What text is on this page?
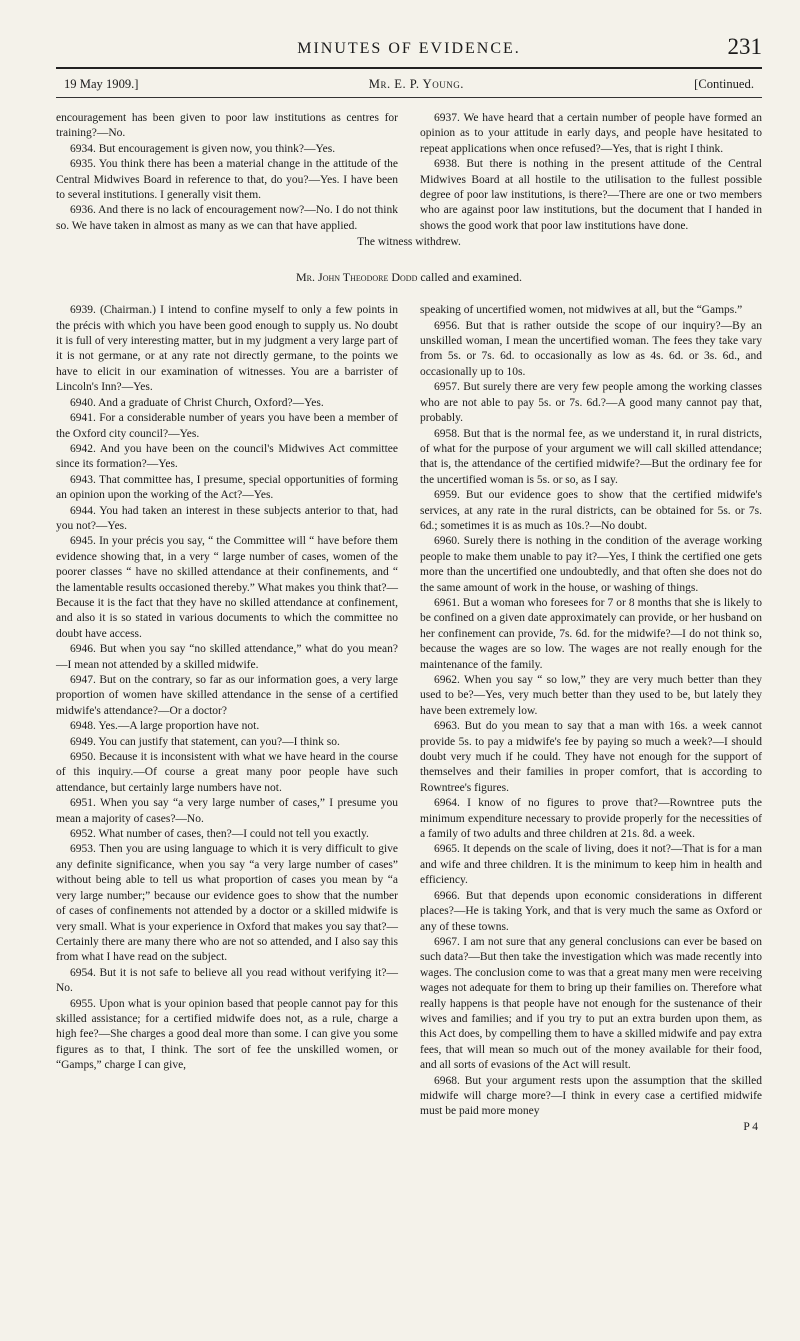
MINUTES OF EVIDENCE.	231
19 May 1909.]	Mr. E. P. Young.	[Continued.

encouragement has been given to poor law institutions as centres for training?—No.

6934. But encouragement is given now, you think?—Yes.

6935. You think there has been a material change in the attitude of the Central Midwives Board in reference to that, do you?—Yes. I have been to several institutions. I generally visit them.

6936. And there is no lack of encouragement now?—No. I do not think so. We have taken in almost as many as we can that have applied.

6937. We have heard that a certain number of people have formed an opinion as to your attitude in early days, and people have hesitated to repeat applications when once refused?—Yes, that is right I think.

6938. But there is nothing in the present attitude of the Central Midwives Board at all hostile to the utilisation to the fullest possible degree of poor law institutions, is there?—There are one or two members who are against poor law institutions, but the document that I handed in shows the good work that poor law institutions have done.

The witness withdrew.
Mr. John Theodore Dodd called and examined.

6939. (Chairman.) I intend to confine myself to only a few points in the précis with which you have been good enough to supply us. No doubt it is full of very interesting matter, but in my judgment a very large part of it is not germane, or at any rate not directly germane, to the points we have to elicit in our examination of witnesses. You are a barrister of Lincoln's Inn?—Yes.

6940. And a graduate of Christ Church, Oxford?—Yes.

6941. For a considerable number of years you have been a member of the Oxford city council?—Yes.

6942. And you have been on the council's Midwives Act committee since its formation?—Yes.

6943. That committee has, I presume, special opportunities of forming an opinion upon the working of the Act?—Yes.

6944. You had taken an interest in these subjects anterior to that, had you not?—Yes.

6945. In your précis you say, “ the Committee will “ have before them evidence showing that, in a very “ large number of cases, women of the poorer classes “ have no skilled attendance at their confinements, and “ the lamentable results occasioned thereby.” What makes you think that?—Because it is the fact that they have no skilled attendance at confinement, and also it is so stated in various documents to which the committee no doubt have access.

6946. But when you say “no skilled attendance,” what do you mean?—I mean not attended by a skilled midwife.

6947. But on the contrary, so far as our information goes, a very large proportion of women have skilled attendance in the sense of a certified midwife's attendance?—Or a doctor?

6948. Yes.—A large proportion have not.

6949. You can justify that statement, can you?—I think so.

6950. Because it is inconsistent with what we have heard in the course of this inquiry.—Of course a great many poor people have such attendance, but certainly large numbers have not.

6951. When you say “a very large number of cases,” I presume you mean a majority of cases?—No.

6952. What number of cases, then?—I could not tell you exactly.

6953. Then you are using language to which it is very difficult to give any definite significance, when you say “a very large number of cases” without being able to tell us what proportion of cases you mean by “a very large number;” because our evidence goes to show that the number of cases of confinements not attended by a doctor or a skilled midwife is very small. What is your experience in Oxford that makes you say that?—Certainly there are many there who are not so attended, and I also say this from what I have read on the subject.

6954. But it is not safe to believe all you read without verifying it?—No.

6955. Upon what is your opinion based that people cannot pay for this skilled assistance; for a certified midwife does not, as a rule, charge a high fee?—She charges a good deal more than some. I can give you some figures as to that, I think. The sort of fee the unskilled women, or “Gamps,” charge I can give,

speaking of uncertified women, not midwives at all, but the “Gamps.”

6956. But that is rather outside the scope of our inquiry?—By an unskilled woman, I mean the uncertified woman. The fees they take vary from 5s. or 7s. 6d. to occasionally as low as 4s. 6d. or 3s. 6d., and occasionally up to 10s.

6957. But surely there are very few people among the working classes who are not able to pay 5s. or 7s. 6d.?—A good many cannot pay that, probably.

6958. But that is the normal fee, as we understand it, in rural districts, of what for the purpose of your argument we will call skilled attendance; that is, the attendance of the certified midwife?—But the ordinary fee for the uncertified woman is 5s. or so, as I say.

6959. But our evidence goes to show that the certified midwife's services, at any rate in the rural districts, can be obtained for 5s. or 7s. 6d.; sometimes it is as much as 10s.?—No doubt.

6960. Surely there is nothing in the condition of the average working people to make them unable to pay it?—Yes, I think the certified one gets more than the uncertified one undoubtedly, and that often she does not do the same amount of work in the house, or washing of things.

6961. But a woman who foresees for 7 or 8 months that she is likely to be confined on a given date approximately can provide, or her husband on her confinement can provide, 7s. 6d. for the midwife?—I do not think so, because the wages are so low. The wages are not really enough for the maintenance of the family.

6962. When you say “ so low,” they are very much better than they used to be?—Yes, very much better than they used to be, but lately they have been extremely low.

6963. But do you mean to say that a man with 16s. a week cannot provide 5s. to pay a midwife's fee by paying so much a week?—I should doubt very much if he could. They have not enough for the support of themselves and their families in proper comfort, that is according to Rowntree's figures.

6964. I know of no figures to prove that?—Rowntree puts the minimum expenditure necessary to provide properly for the necessities of a family of two adults and three children at 21s. 8d. a week.

6965. It depends on the scale of living, does it not?—That is for a man and wife and three children. It is the minimum to keep him in health and efficiency.

6966. But that depends upon economic considerations in different places?—He is taking York, and that is very much the same as Oxford or any of these towns.

6967. I am not sure that any general conclusions can ever be based on such data?—But then take the investigation which was made recently into wages. The conclusion come to was that a great many men were receiving wages not adequate for them to bring up their families on. Therefore what really happens is that people have not enough for the sustenance of their wives and families; and if you try to put an extra burden upon them, as this Act does, by compelling them to have a skilled midwife and pay extra fees, that will mean so much out of the money available for their food, and all sorts of evasions of the Act will result.

6968. But your argument rests upon the assumption that the skilled midwife will charge more?—I think in every case a certified midwife must be paid more money

P 4
